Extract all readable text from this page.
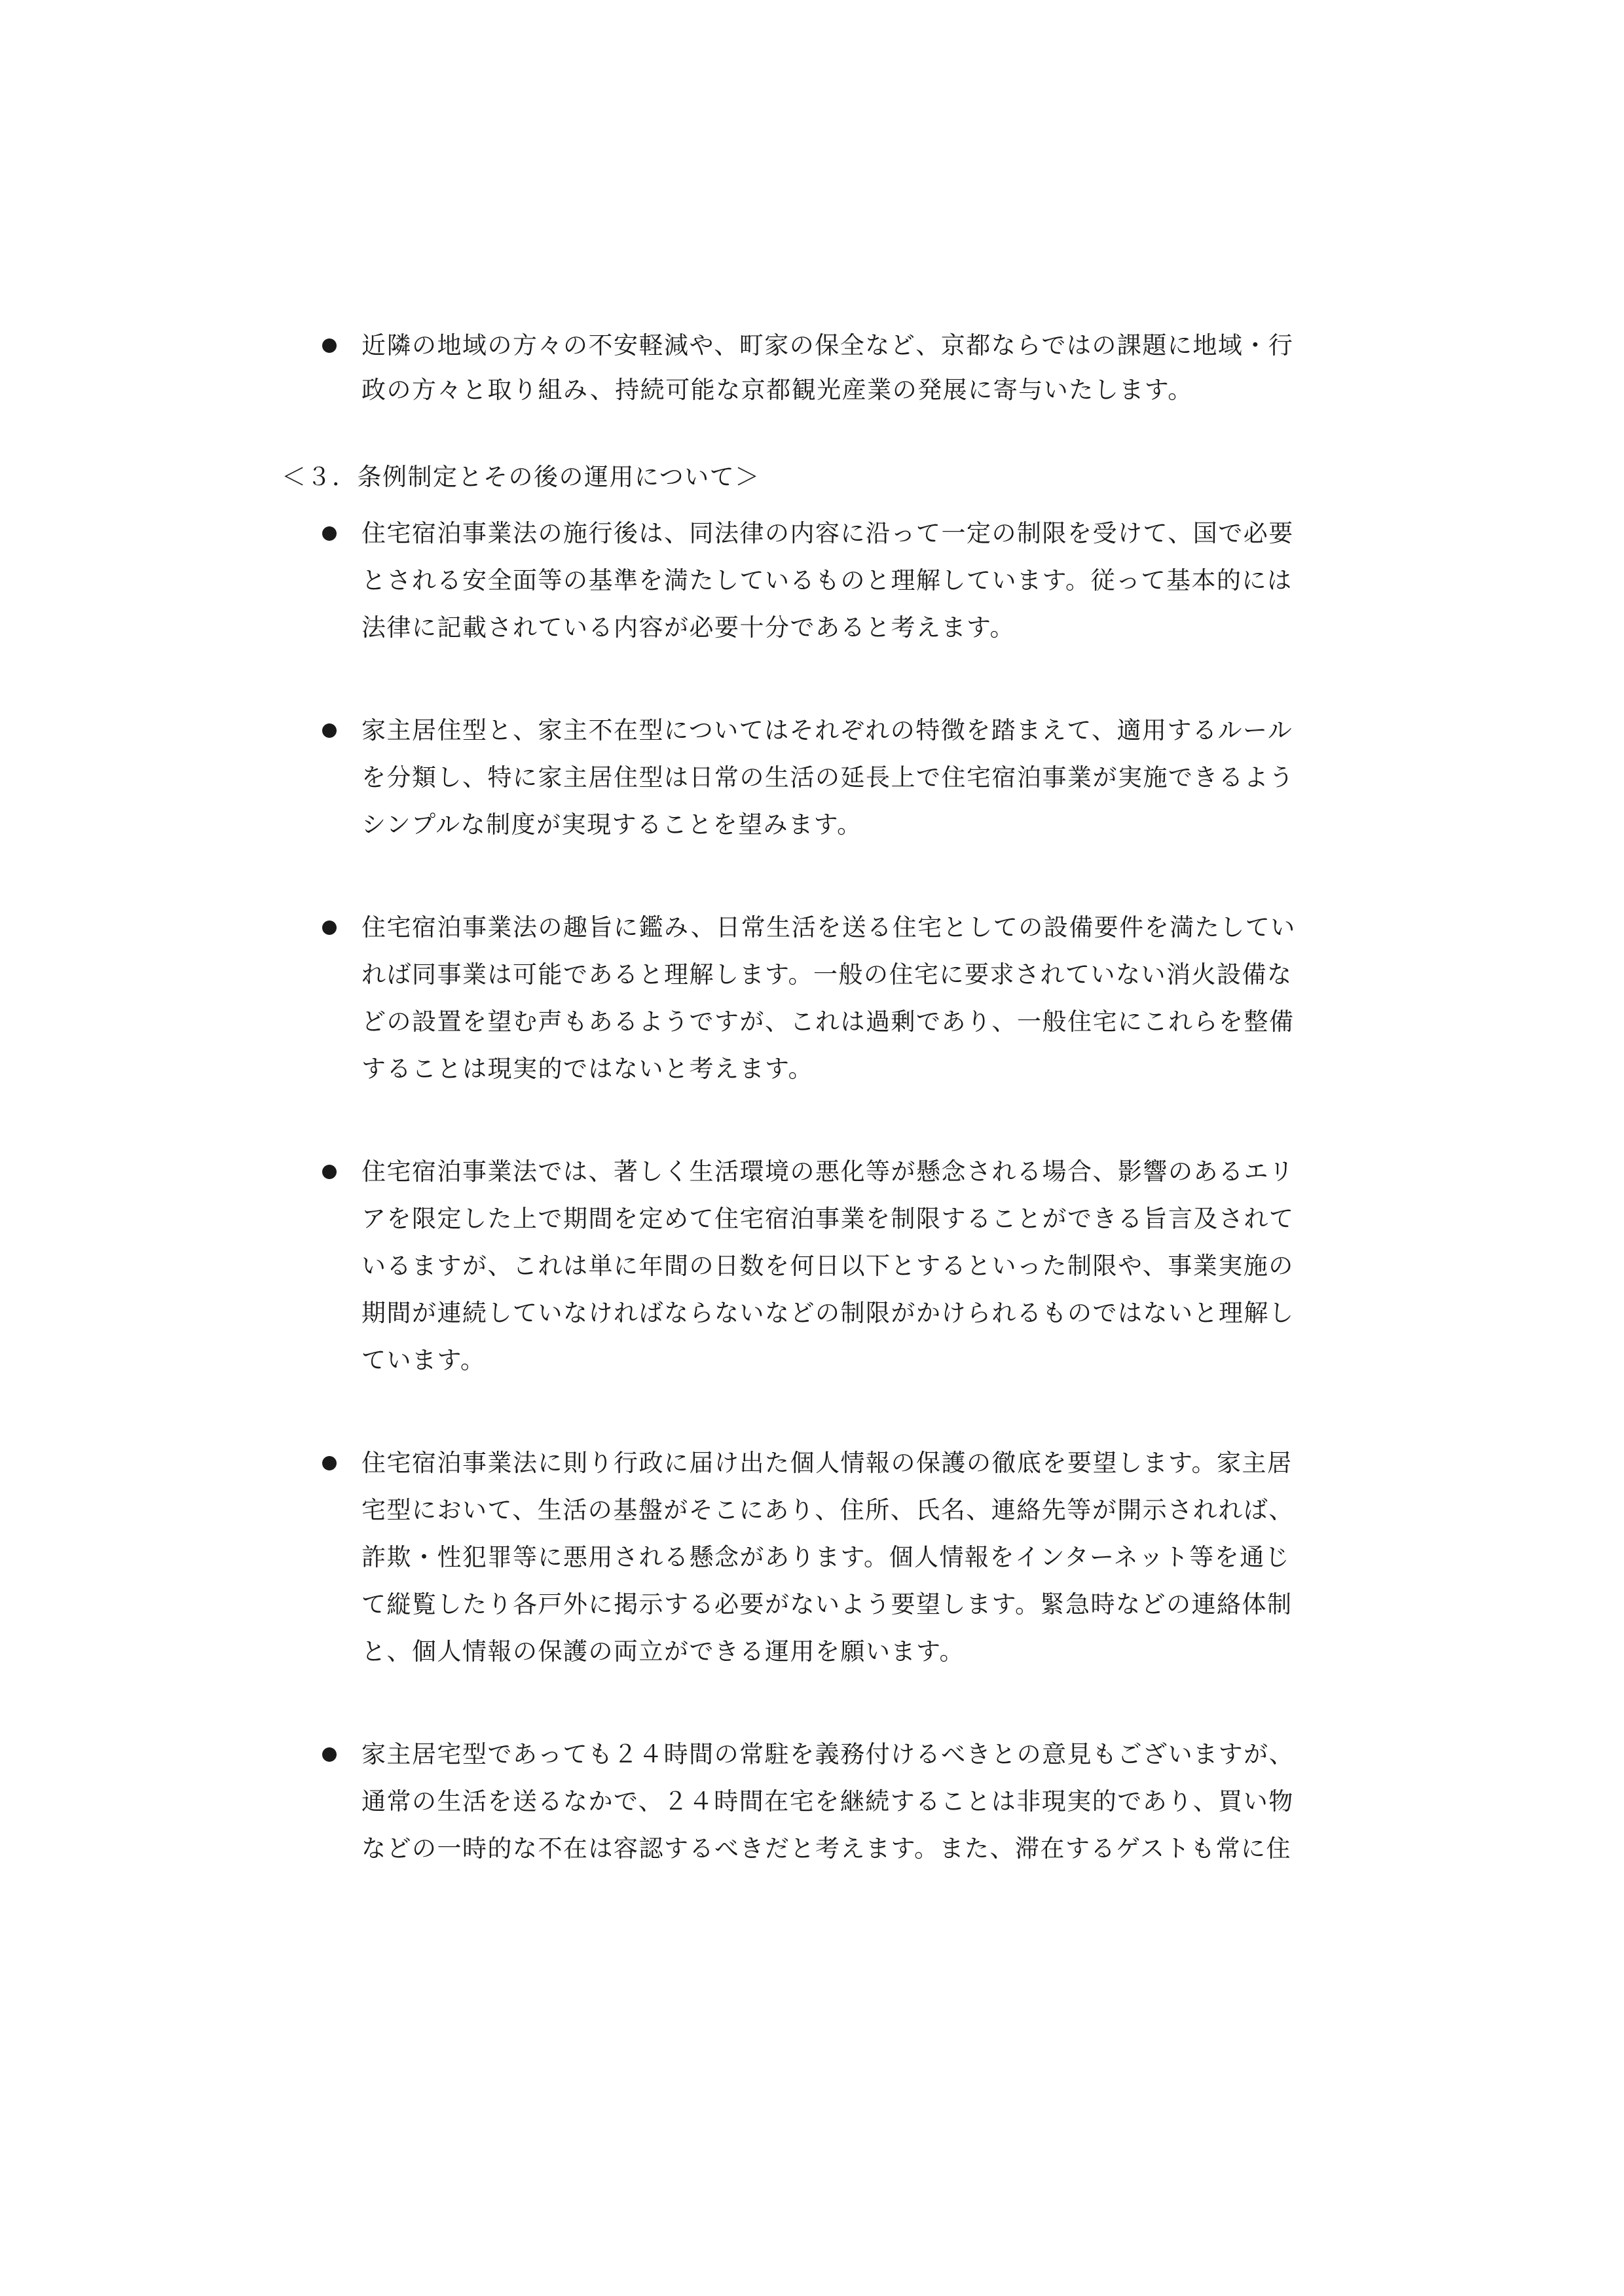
近隣の地域の方々の不安軽減や、町家の保全など、京都ならではの課題に地域・行
政の方々と取り組み、持続可能な京都観光産業の発展に寄与いたします。
＜３．条例制定とその後の運用について＞
住宅宿泊事業法の施行後は、同法律の内容に沿って一定の制限を受けて、国で必要
とされる安全面等の基準を満たしているものと理解しています。従って基本的には
法律に記載されている内容が必要十分であると考えます。
家主居住型と、家主不在型についてはそれぞれの特徴を踏まえて、適用するルール
を分類し、特に家主居住型は日常の生活の延長上で住宅宿泊事業が実施できるよう
シンプルな制度が実現することを望みます。
住宅宿泊事業法の趣旨に鑑み、日常生活を送る住宅としての設備要件を満たしてい
れば同事業は可能であると理解します。一般の住宅に要求されていない消火設備な
どの設置を望む声もあるようですが、これは過剰であり、一般住宅にこれらを整備
することは現実的ではないと考えます。
住宅宿泊事業法では、著しく生活環境の悪化等が懸念される場合、影響のあるエリ
アを限定した上で期間を定めて住宅宿泊事業を制限することができる旨言及されて
いるますが、これは単に年間の日数を何日以下とするといった制限や、事業実施の
期間が連続していなければならないなどの制限がかけられるものではないと理解し
ています。
住宅宿泊事業法に則り行政に届け出た個人情報の保護の徹底を要望します。家主居
宅型において、生活の基盤がそこにあり、住所、氏名、連絡先等が開示されれば、
詐欺・性犯罪等に悪用される懸念があります。個人情報をインターネット等を通じ
て縦覧したり各戸外に掲示する必要がないよう要望します。緊急時などの連絡体制
と、個人情報の保護の両立ができる運用を願います。
家主居宅型であっても２４時間の常駐を義務付けるべきとの意見もございますが、
通常の生活を送るなかで、２４時間在宅を継続することは非現実的であり、買い物
などの一時的な不在は容認するべきだと考えます。また、滞在するゲストも常に住
